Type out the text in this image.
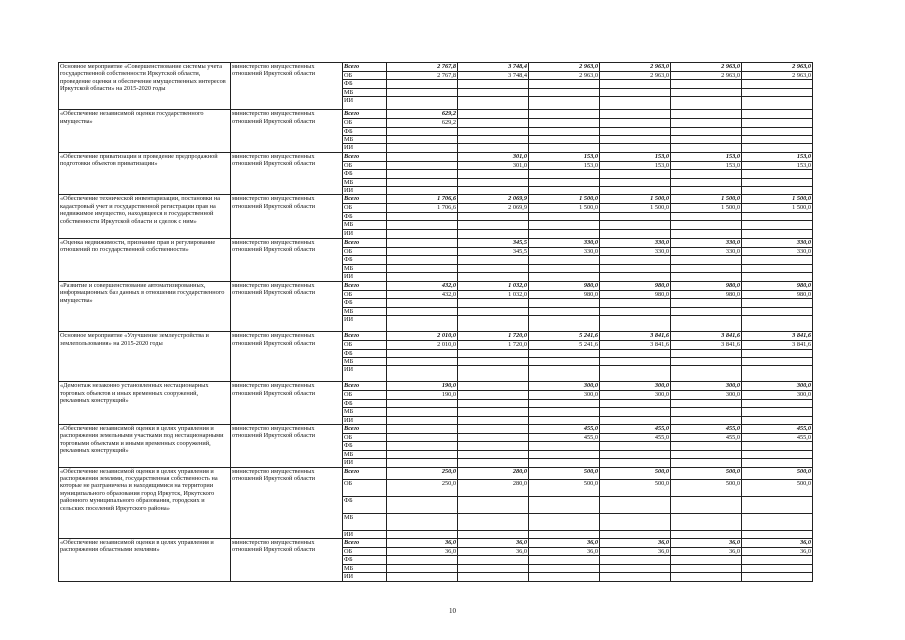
Основное мероприятие «Совершенствование системы учета государственной собственности Иркутской области, проведение оценки и обеспечение имущественных интересов Иркутской области» на 2015-2020 годы	министерство имущественных отношений Иркутской области	Всего	2 767,8	3 748,4	2 963,0	2 963,0	2 963,0	2 963,0
		ОБ	2 767,8	3 748,4	2 963,0	2 963,0	2 963,0	2 963,0
		ФБ						
		МБ						
		ИИ						
«Обеспечение независимой оценки государственного имущества»	министерство имущественных отношений Иркутской области	Всего	629,2					
		ОБ	629,2					
		ФБ						
		МБ						
		ИИ						
«Обеспечение приватизации и проведение предпродажной подготовки объектов приватизации»	министерство имущественных отношений Иркутской области	Всего		301,0	153,0	153,0	153,0	153,0
		ОБ		301,0	153,0	153,0	153,0	153,0
		ФБ						
		МБ						
		ИИ						
«Обеспечение технической инвентаризации, постановки на кадастровый учет и государственной регистрации прав на недвижимое имущество, находящееся в государственной собственности Иркутской области и сделок с ним»	министерство имущественных отношений Иркутской области	Всего	1 706,6	2 069,9	1 500,0	1 500,0	1 500,0	1 500,0
		ОБ	1 706,6	2 069,9	1 500,0	1 500,0	1 500,0	1 500,0
		ФБ						
		МБ						
		ИИ						
«Оценка недвижимости, признание прав и регулирование отношений по государственной собственности»	министерство имущественных отношений Иркутской области	Всего		345,5	330,0	330,0	330,0	330,0
		ОБ		345,5	330,0	330,0	330,0	330,0
		ФБ						
		МБ						
		ИИ						
«Развитие и совершенствование автоматизированных, информационных баз данных в отношении государственного имущества»	министерство имущественных отношений Иркутской области	Всего	432,0	1 032,0	980,0	980,0	980,0	980,0
		ОБ	432,0	1 032,0	980,0	980,0	980,0	980,0
		ФБ						
		МБ						
		ИИ						
Основное мероприятие «Улучшение землеустройства и землепользования» на 2015-2020 годы	министерство имущественных отношений Иркутской области	Всего	2 010,0	1 720,0	5 241,6	3 841,6	3 841,6	3 841,6
		ОБ	2 010,0	1 720,0	5 241,6	3 841,6	3 841,6	3 841,6
		ФБ						
		МБ						
		ИИ						
«Демонтаж незаконно установленных нестационарных торговых объектов и иных временных сооружений, рекламных конструкций»	министерство имущественных отношений Иркутской области	Всего	190,0		300,0	300,0	300,0	300,0
		ОБ	190,0		300,0	300,0	300,0	300,0
		ФБ						
		МБ						
		ИИ						
«Обеспечение независимой оценки в целях управления и распоряжения земельными участками под нестационарными торговыми объектами и иными временных сооружений, рекламных конструкций»	министерство имущественных отношений Иркутской области	Всего			455,0	455,0	455,0	455,0
		ОБ			455,0	455,0	455,0	455,0
		ФБ						
		МБ						
		ИИ						
«Обеспечение независимой оценки в целях управления и распоряжения землями, государственная собственность на которые не разграничена и находящимися на территории муниципального образования город Иркутск, Иркутского районного муниципального образования, городских и сельских поселений Иркутского района»	министерство имущественных отношений Иркутской области	Всего	250,0	280,0	500,0	500,0	500,0	500,0
		ОБ	250,0	280,0	500,0	500,0	500,0	500,0
		ФБ						
		МБ						
		ИИ						
«Обеспечение независимой оценки в целях управления и распоряжения областными землями»	министерство имущественных отношений Иркутской области	Всего	36,0	36,0	36,0	36,0	36,0	36,0
		ОБ	36,0	36,0	36,0	36,0	36,0	36,0
		ФБ						
		МБ						
		ИИ						
10
